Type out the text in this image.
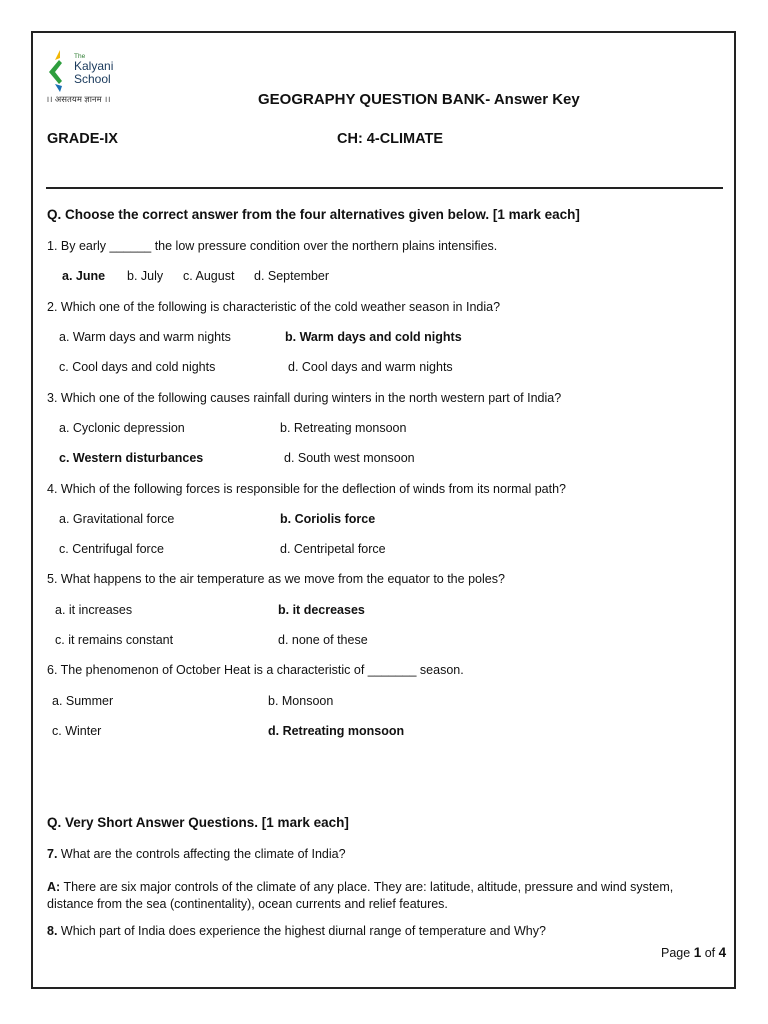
The
Kalyani
School
।। असतयम ज्ञानम ।।	GEOGRAPHY QUESTION BANK- Answer Key
GRADE-IX	CH: 4-CLIMATE
Q. Choose the correct answer from the four alternatives given below. [1 mark each]
1. By early ______ the low pressure condition over the northern plains intensifies.
a. June b. July c. August d. September
2. Which one of the following is characteristic of the cold weather season in India?
a. Warm days and warm nights	b. Warm days and cold nights
c. Cool days and cold nights	d. Cool days and warm nights
3. Which one of the following causes rainfall during winters in the north western part of India?
a. Cyclonic depression	b. Retreating monsoon
c. Western disturbances	d. South west monsoon
4. Which of the following forces is responsible for the deflection of winds from its normal path?
a. Gravitational force	b. Coriolis force
c. Centrifugal force	d. Centripetal force
5. What happens to the air temperature as we move from the equator to the poles?
a. it increases	b. it decreases
c. it remains constant	d. none of these
6. The phenomenon of October Heat is a characteristic of _______ season.
a. Summer	b. Monsoon
c. Winter	d. Retreating monsoon
Q. Very Short Answer Questions. [1 mark each]
7. What are the controls affecting the climate of India?
A: There are six major controls of the climate of any place. They are: latitude, altitude, pressure and wind system, distance from the sea (continentality), ocean currents and relief features.
8. Which part of India does experience the highest diurnal range of temperature and Why?
Page 1 of 4
